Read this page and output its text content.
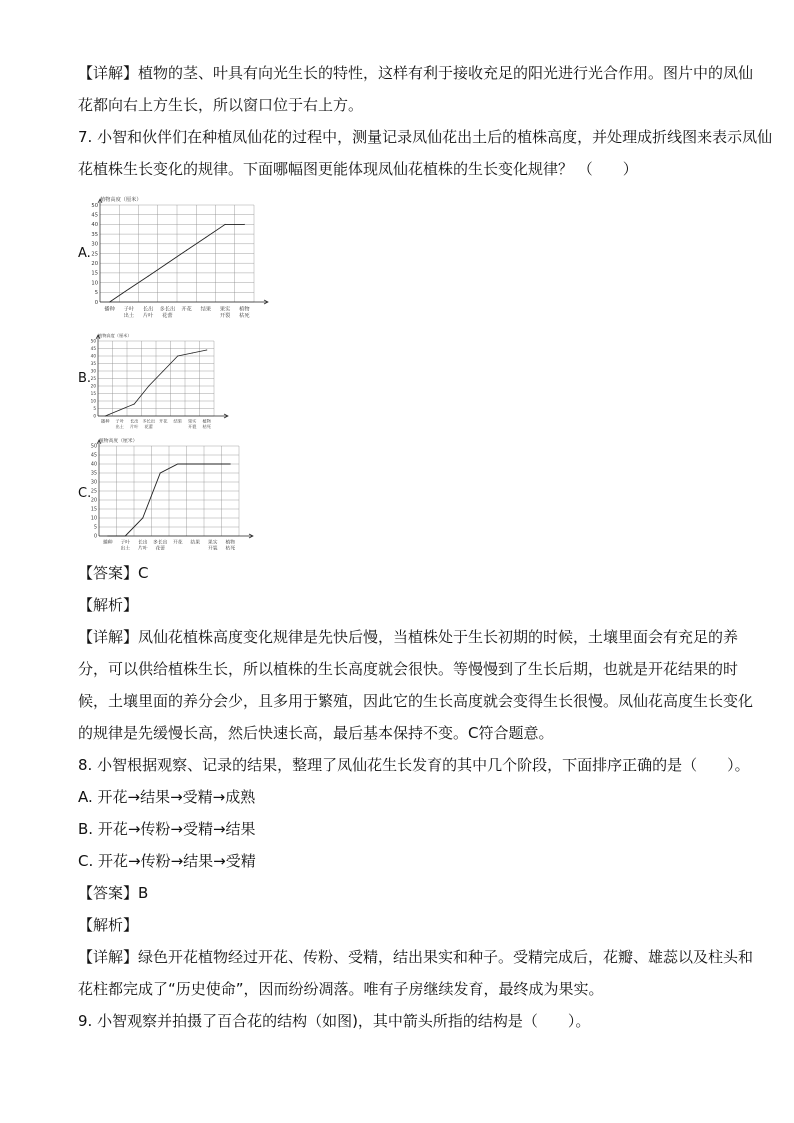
【详解】植物的茎、叶具有向光生长的特性，这样有利于接收充足的阳光进行光合作用。图片中的凤仙
花都向右上方生长，所以窗口位于右上方。
7. 小智和伙伴们在种植凤仙花的过程中，测量记录凤仙花出土后的植株高度，并处理成折线图来表示凤仙
花植株生长变化的规律。下面哪幅图更能体现凤仙花植株的生长变化规律？ （　　）
A.
B.
C.
植物高度（厘米）
0
5
10
15
20
25
30
35
40
45
50
播种 子叶
出土
长出
片叶
多长出
花蕾
开花 结果 果实
开裂
植物
枯死
植物高度（厘米）
0
5
10
15
20
25
30
35
40
45
50
播种 子叶
出土
长出
片叶
多长出
花蕾
开花 结果 果实
开裂
植物
枯死
植物高度（厘米）
0
5
10
15
20
25
30
35
40
45
50
播种 子叶
出土
长出
片叶
多长出
花蕾
开花 结果 果实
开裂
植物
枯死
【答案】C
【解析】
【详解】凤仙花植株高度变化规律是先快后慢，当植株处于生长初期的时候，土壤里面会有充足的养
分，可以供给植株生长，所以植株的生长高度就会很快。等慢慢到了生长后期，也就是开花结果的时
候，土壤里面的养分会少，且多用于繁殖，因此它的生长高度就会变得生长很慢。凤仙花高度生长变化
的规律是先缓慢长高，然后快速长高，最后基本保持不变。C符合题意。
8. 小智根据观察、记录的结果，整理了凤仙花生长发育的其中几个阶段，下面排序正确的是（　　）。
A. 开花→结果→受精→成熟
B. 开花→传粉→受精→结果
C. 开花→传粉→结果→受精
【答案】B
【解析】
【详解】绿色开花植物经过开花、传粉、受精，结出果实和种子。受精完成后，花瓣、雄蕊以及柱头和
花柱都完成了“历史使命”，因而纷纷凋落。唯有子房继续发育，最终成为果实。
9. 小智观察并拍摄了百合花的结构（如图)，其中箭头所指的结构是（　　）。
